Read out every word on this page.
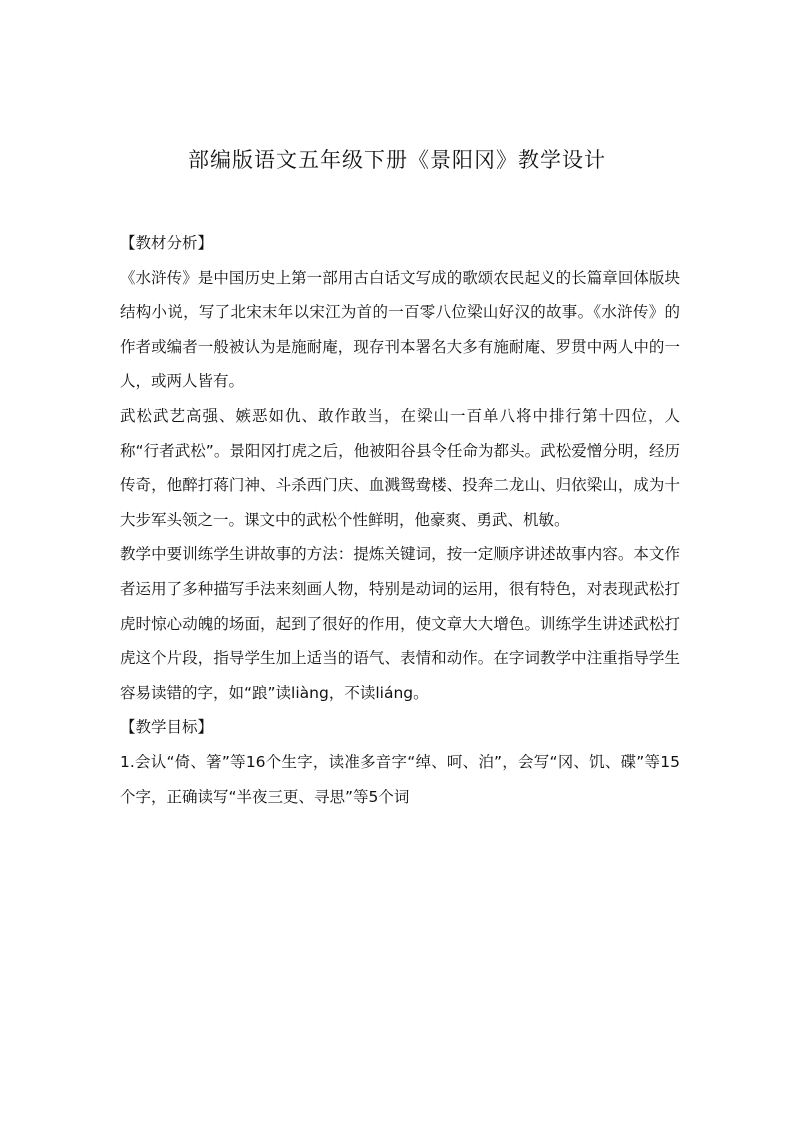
部编版语文五年级下册《景阳冈》教学设计

【教材分析】

《水浒传》是中国历史上第一部用古白话文写成的歌颂农民起义的长篇章回体版块结构小说，写了北宋末年以宋江为首的一百零八位梁山好汉的故事。《水浒传》的作者或编者一般被认为是施耐庵，现存刊本署名大多有施耐庵、罗贯中两人中的一人，或两人皆有。

武松武艺高强、嫉恶如仇、敢作敢当，在梁山一百单八将中排行第十四位，人称“行者武松”。景阳冈打虎之后，他被阳谷县令任命为都头。武松爱憎分明，经历传奇，他醉打蒋门神、斗杀西门庆、血溅鸳鸯楼、投奔二龙山、归依梁山，成为十大步军头领之一。课文中的武松个性鲜明，他豪爽、勇武、机敏。

教学中要训练学生讲故事的方法：提炼关键词，按一定顺序讲述故事内容。本文作者运用了多种描写手法来刻画人物，特别是动词的运用，很有特色，对表现武松打虎时惊心动魄的场面，起到了很好的作用，使文章大大增色。训练学生讲述武松打虎这个片段，指导学生加上适当的语气、表情和动作。在字词教学中注重指导学生容易读错的字，如“踉”读liàng，不读liáng。

【教学目标】

1.会认“倚、箸”等16个生字，读准多音字“绰、呵、泊”，会写“冈、饥、碟”等15个字，正确读写“半夜三更、寻思”等5个词
